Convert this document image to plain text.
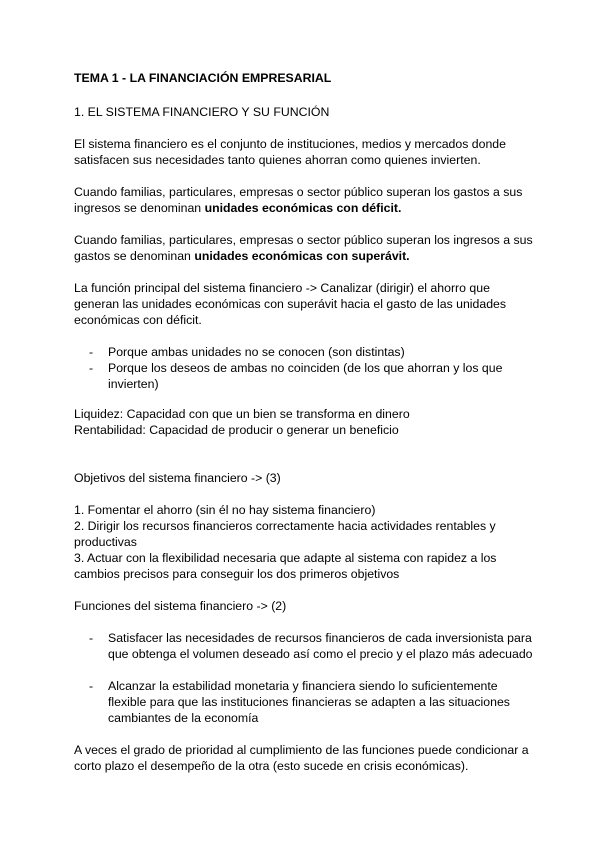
TEMA 1 - LA FINANCIACIÓN EMPRESARIAL
1. EL SISTEMA FINANCIERO Y SU FUNCIÓN
El sistema financiero es el conjunto de instituciones, medios y mercados donde
satisfacen sus necesidades tanto quienes ahorran como quienes invierten.
Cuando familias, particulares, empresas o sector público superan los gastos a sus
ingresos se denominan unidades económicas con déficit.
Cuando familias, particulares, empresas o sector público superan los ingresos a sus
gastos se denominan unidades económicas con superávit.
La función principal del sistema financiero -> Canalizar (dirigir) el ahorro que
generan las unidades económicas con superávit hacia el gasto de las unidades
económicas con déficit.
- Porque ambas unidades no se conocen (son distintas)
- Porque los deseos de ambas no coinciden (de los que ahorran y los que
invierten)
Liquidez: Capacidad con que un bien se transforma en dinero
Rentabilidad: Capacidad de producir o generar un beneficio
Objetivos del sistema financiero -> (3)
1. Fomentar el ahorro (sin él no hay sistema financiero)
2. Dirigir los recursos financieros correctamente hacia actividades rentables y
productivas
3. Actuar con la flexibilidad necesaria que adapte al sistema con rapidez a los
cambios precisos para conseguir los dos primeros objetivos
Funciones del sistema financiero -> (2)
- Satisfacer las necesidades de recursos financieros de cada inversionista para
que obtenga el volumen deseado así como el precio y el plazo más adecuado
- Alcanzar la estabilidad monetaria y financiera siendo lo suficientemente
flexible para que las instituciones financieras se adapten a las situaciones
cambiantes de la economía
A veces el grado de prioridad al cumplimiento de las funciones puede condicionar a
corto plazo el desempeño de la otra (esto sucede en crisis económicas).
